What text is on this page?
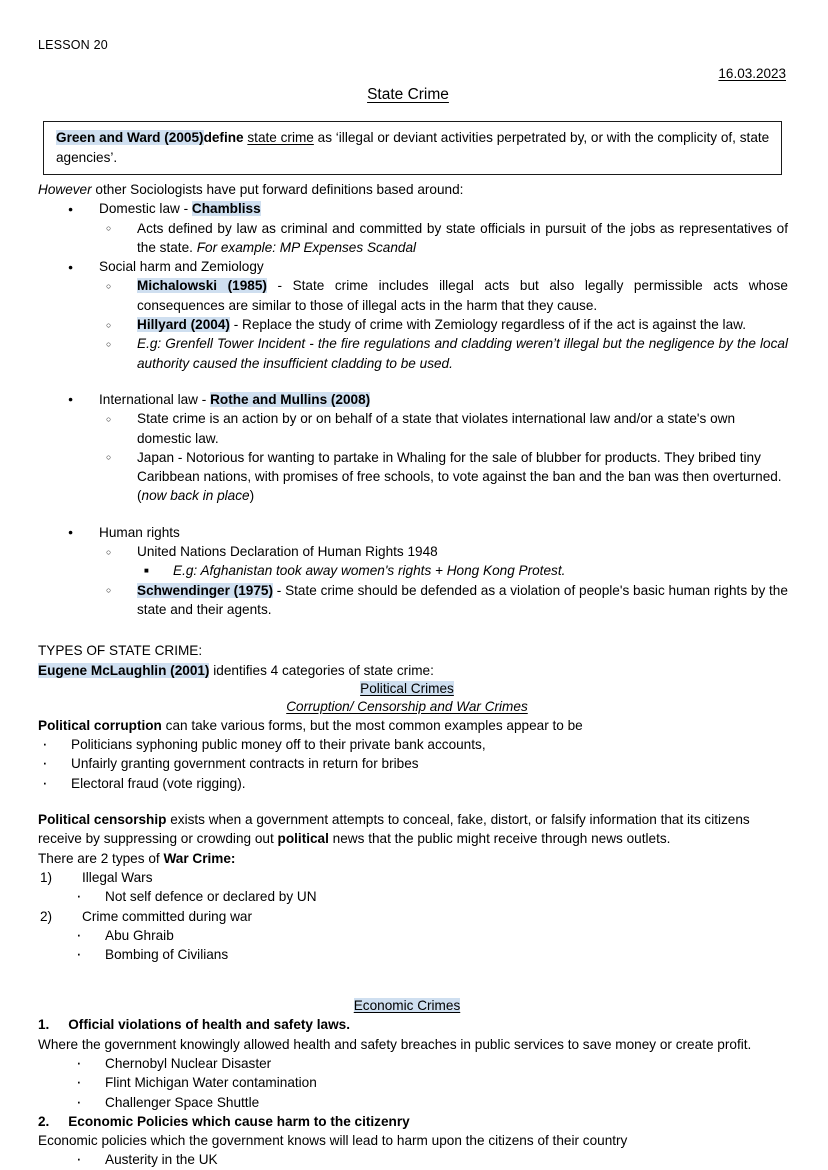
LESSON 20
16.03.2023
State Crime
Green and Ward (2005)define state crime as ‘illegal or deviant activities perpetrated by, or with the complicity of, state agencies’.
However other Sociologists have put forward definitions based around:
● Domestic law - Chambliss
○ Acts defined by law as criminal and committed by state officials in pursuit of the jobs as representatives of the state. For example: MP Expenses Scandal
● Social harm and Zemiology
○ Michalowski (1985) - State crime includes illegal acts but also legally permissible acts whose consequences are similar to those of illegal acts in the harm that they cause.
○ Hillyard (2004) - Replace the study of crime with Zemiology regardless of if the act is against the law.
○ E.g: Grenfell Tower Incident - the fire regulations and cladding weren’t illegal but the negligence by the local authority caused the insufficient cladding to be used.
● International law - Rothe and Mullins (2008)
○ State crime is an action by or on behalf of a state that violates international law and/or a state's own domestic law.
○ Japan - Notorious for wanting to partake in Whaling for the sale of blubber for products. They bribed tiny Caribbean nations, with promises of free schools, to vote against the ban and the ban was then overturned. (now back in place)
● Human rights
○ United Nations Declaration of Human Rights 1948
■ E.g: Afghanistan took away women's rights + Hong Kong Protest.
○ Schwendinger (1975) - State crime should be defended as a violation of people's basic human rights by the state and their agents.
TYPES OF STATE CRIME:
Eugene McLaughlin (2001) identifies 4 categories of state crime:
Political Crimes
Corruption/ Censorship and War Crimes
Political corruption can take various forms, but the most common examples appear to be
· Politicians syphoning public money off to their private bank accounts,
· Unfairly granting government contracts in return for bribes
· Electoral fraud (vote rigging).
Political censorship exists when a government attempts to conceal, fake, distort, or falsify information that its citizens receive by suppressing or crowding out political news that the public might receive through news outlets.
There are 2 types of War Crime:
1) Illegal Wars
· Not self defence or declared by UN
2) Crime committed during war
· Abu Ghraib
· Bombing of Civilians
Economic Crimes
1. Official violations of health and safety laws.
Where the government knowingly allowed health and safety breaches in public services to save money or create profit.
· Chernobyl Nuclear Disaster
· Flint Michigan Water contamination
· Challenger Space Shuttle
2. Economic Policies which cause harm to the citizenry
Economic policies which the government knows will lead to harm upon the citizens of their country
· Austerity in the UK
